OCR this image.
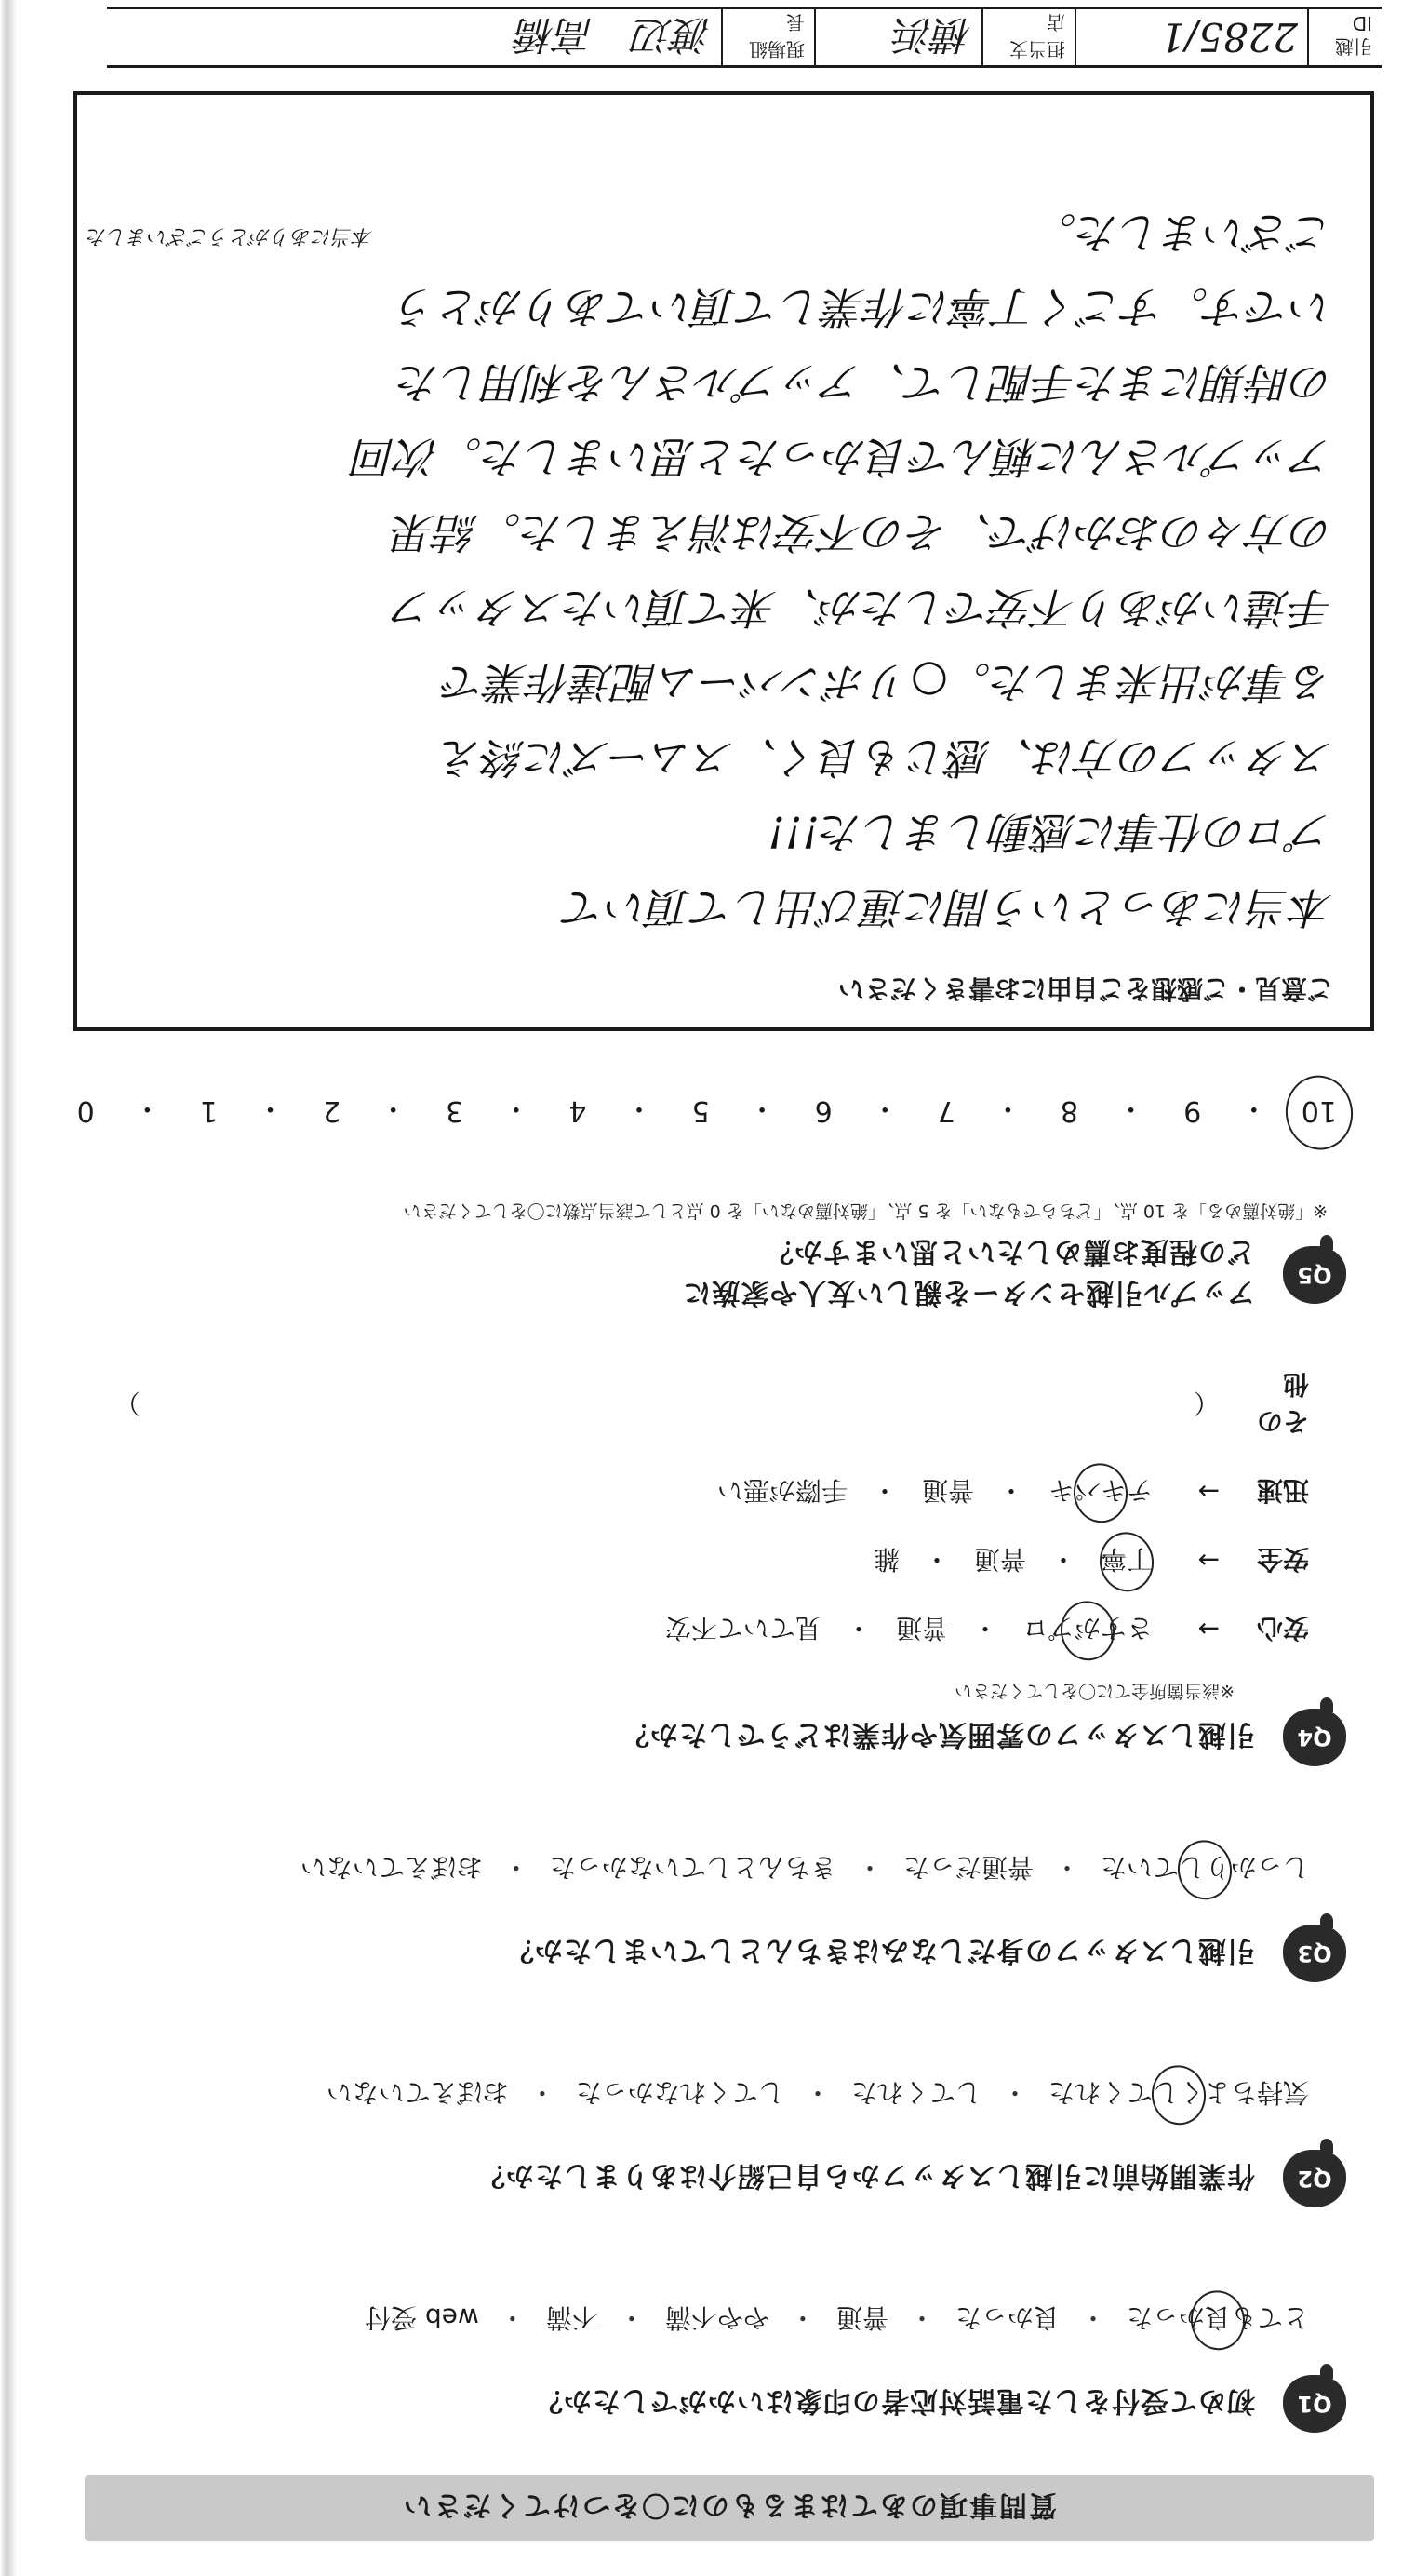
質問事項のあてはまるものに〇をつけてください
Q1
初めて受付をした電話対応者の印象はいかがでしたか？
とても良かった
・
良かった
・
普通
・
やや不満
・
不満
・
web 受付
Q2
作業開始前に引越しスタッフから自己紹介はありましたか？
気持ちよくしてくれた
・
してくれた
・
してくれなかった
・
おぼえていない
Q3
引越しスタッフの身だしなみはきちんとしていましたか？
しっかりしていた
・
普通だった
・
きちんとしていなかった
・
おぼえていない
Q4
引越しスタッフの雰囲気や作業はどうでしたか？
※該当箇所全てに〇をしてください
安心
→
さすがプロ
・
普通
・
見ていて不安
安全
→
丁寧
・
普通
・
雑
迅速
→
テキパキ
・
普通
・
手際が悪い
その他
（
）
Q5
アップル引越センターを親しい友人や家族に
どの程度お薦めしたいと思いますか？
※「絶対薦める」を 10 点、「どちらでもない」を 5 点、「絶対薦めない」を 0 点として該当点数に〇をしてください
10
・
9
・
8
・
7
・
6
・
5
・
4
・
3
・
2
・
1
・
0
ご意見・ご感想をご自由にお書きください
本当にあっという間に運び出して頂いて
プロの仕事に感動しました!!!
スタッフの方は、感じも良く、スムーズに終え
る事が出来ました。○リボンバーム配達作業で
手違いがあり不安でしたが、来て頂いたスタッフ
の方々のおかげで、その不安は消えました。結果
アップルさんに頼んで良かったと思いました。次回
の時期にまた手配して、アップルさんを利用した
いです。すごく丁寧に作業して頂いてありがとう
ございました。
本当にありがとうございました
引越 ID
2285/1
担当支店
横浜
現場組長
渡辺　高橋
